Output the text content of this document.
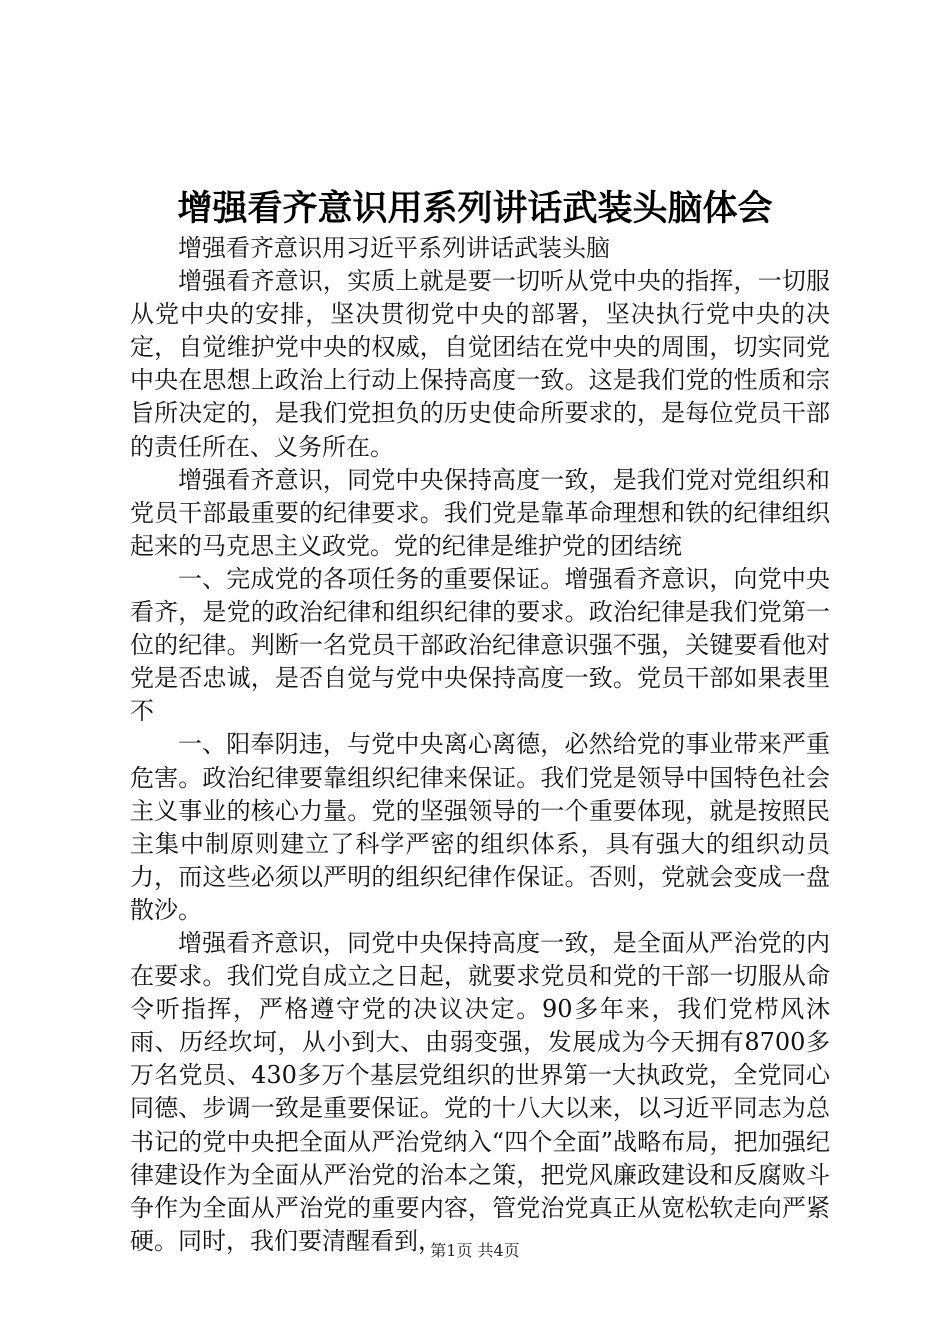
增强看齐意识用系列讲话武装头脑体会

增强看齐意识用习近平系列讲话武装头脑

增强看齐意识，实质上就是要一切听从党中央的指挥，一切服从党中央的安排，坚决贯彻党中央的部署，坚决执行党中央的决定，自觉维护党中央的权威，自觉团结在党中央的周围，切实同党中央在思想上政治上行动上保持高度一致。这是我们党的性质和宗旨所决定的，是我们党担负的历史使命所要求的，是每位党员干部的责任所在、义务所在。

增强看齐意识，同党中央保持高度一致，是我们党对党组织和党员干部最重要的纪律要求。我们党是靠革命理想和铁的纪律组织起来的马克思主义政党。党的纪律是维护党的团结统

一、完成党的各项任务的重要保证。增强看齐意识，向党中央看齐，是党的政治纪律和组织纪律的要求。政治纪律是我们党第一位的纪律。判断一名党员干部政治纪律意识强不强，关键要看他对党是否忠诚，是否自觉与党中央保持高度一致。党员干部如果表里不

一、阳奉阴违，与党中央离心离德，必然给党的事业带来严重危害。政治纪律要靠组织纪律来保证。我们党是领导中国特色社会主义事业的核心力量。党的坚强领导的一个重要体现，就是按照民主集中制原则建立了科学严密的组织体系，具有强大的组织动员力，而这些必须以严明的组织纪律作保证。否则，党就会变成一盘散沙。

增强看齐意识，同党中央保持高度一致，是全面从严治党的内在要求。我们党自成立之日起，就要求党员和党的干部一切服从命令听指挥，严格遵守党的决议决定。90多年来，我们党栉风沐雨、历经坎坷，从小到大、由弱变强，发展成为今天拥有8700多万名党员、430多万个基层党组织的世界第一大执政党，全党同心同德、步调一致是重要保证。党的十八大以来，以习近平同志为总书记的党中央把全面从严治党纳入“四个全面”战略布局，把加强纪律建设作为全面从严治党的治本之策，把党风廉政建设和反腐败斗争作为全面从严治党的重要内容，管党治党真正从宽松软走向严紧硬。同时，我们要清醒看到，

第1页 共4页
